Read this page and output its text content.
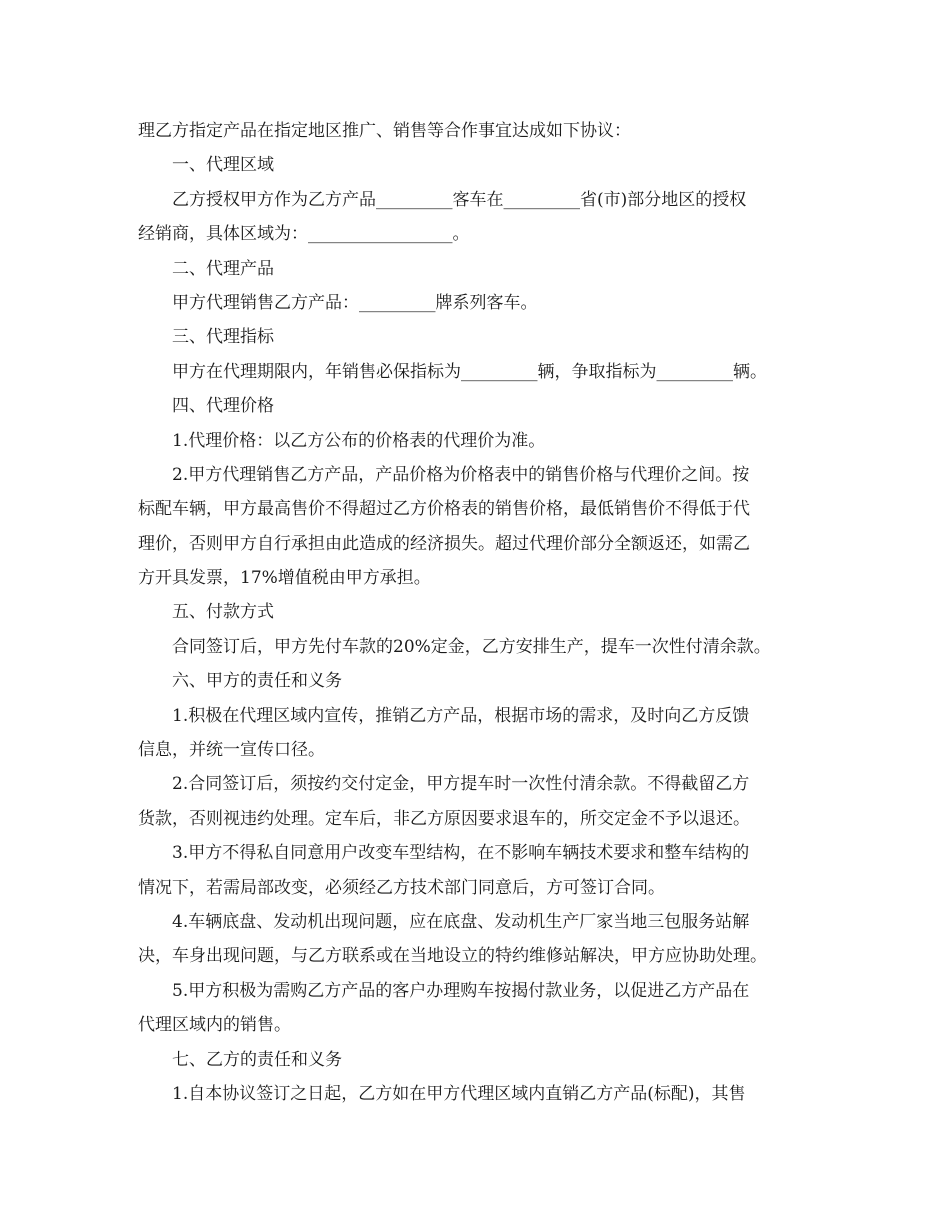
理乙方指定产品在指定地区推广、销售等合作事宜达成如下协议：
一、代理区域
乙方授权甲方作为乙方产品_________客车在_________省(市)部分地区的授权
经销商，具体区域为：_________________。
二、代理产品
甲方代理销售乙方产品：_________牌系列客车。
三、代理指标
甲方在代理期限内，年销售必保指标为_________辆，争取指标为_________辆。
四、代理价格
1.代理价格：以乙方公布的价格表的代理价为准。
2.甲方代理销售乙方产品，产品价格为价格表中的销售价格与代理价之间。按
标配车辆，甲方最高售价不得超过乙方价格表的销售价格，最低销售价不得低于代
理价，否则甲方自行承担由此造成的经济损失。超过代理价部分全额返还，如需乙
方开具发票，17%增值税由甲方承担。
五、付款方式
合同签订后，甲方先付车款的20%定金，乙方安排生产，提车一次性付清余款。
六、甲方的责任和义务
1.积极在代理区域内宣传，推销乙方产品，根据市场的需求，及时向乙方反馈
信息，并统一宣传口径。
2.合同签订后，须按约交付定金，甲方提车时一次性付清余款。不得截留乙方
货款，否则视违约处理。定车后，非乙方原因要求退车的，所交定金不予以退还。
3.甲方不得私自同意用户改变车型结构，在不影响车辆技术要求和整车结构的
情况下，若需局部改变，必须经乙方技术部门同意后，方可签订合同。
4.车辆底盘、发动机出现问题，应在底盘、发动机生产厂家当地三包服务站解
决，车身出现问题，与乙方联系或在当地设立的特约维修站解决，甲方应协助处理。
5.甲方积极为需购乙方产品的客户办理购车按揭付款业务，以促进乙方产品在
代理区域内的销售。
七、乙方的责任和义务
1.自本协议签订之日起，乙方如在甲方代理区域内直销乙方产品(标配)，其售
